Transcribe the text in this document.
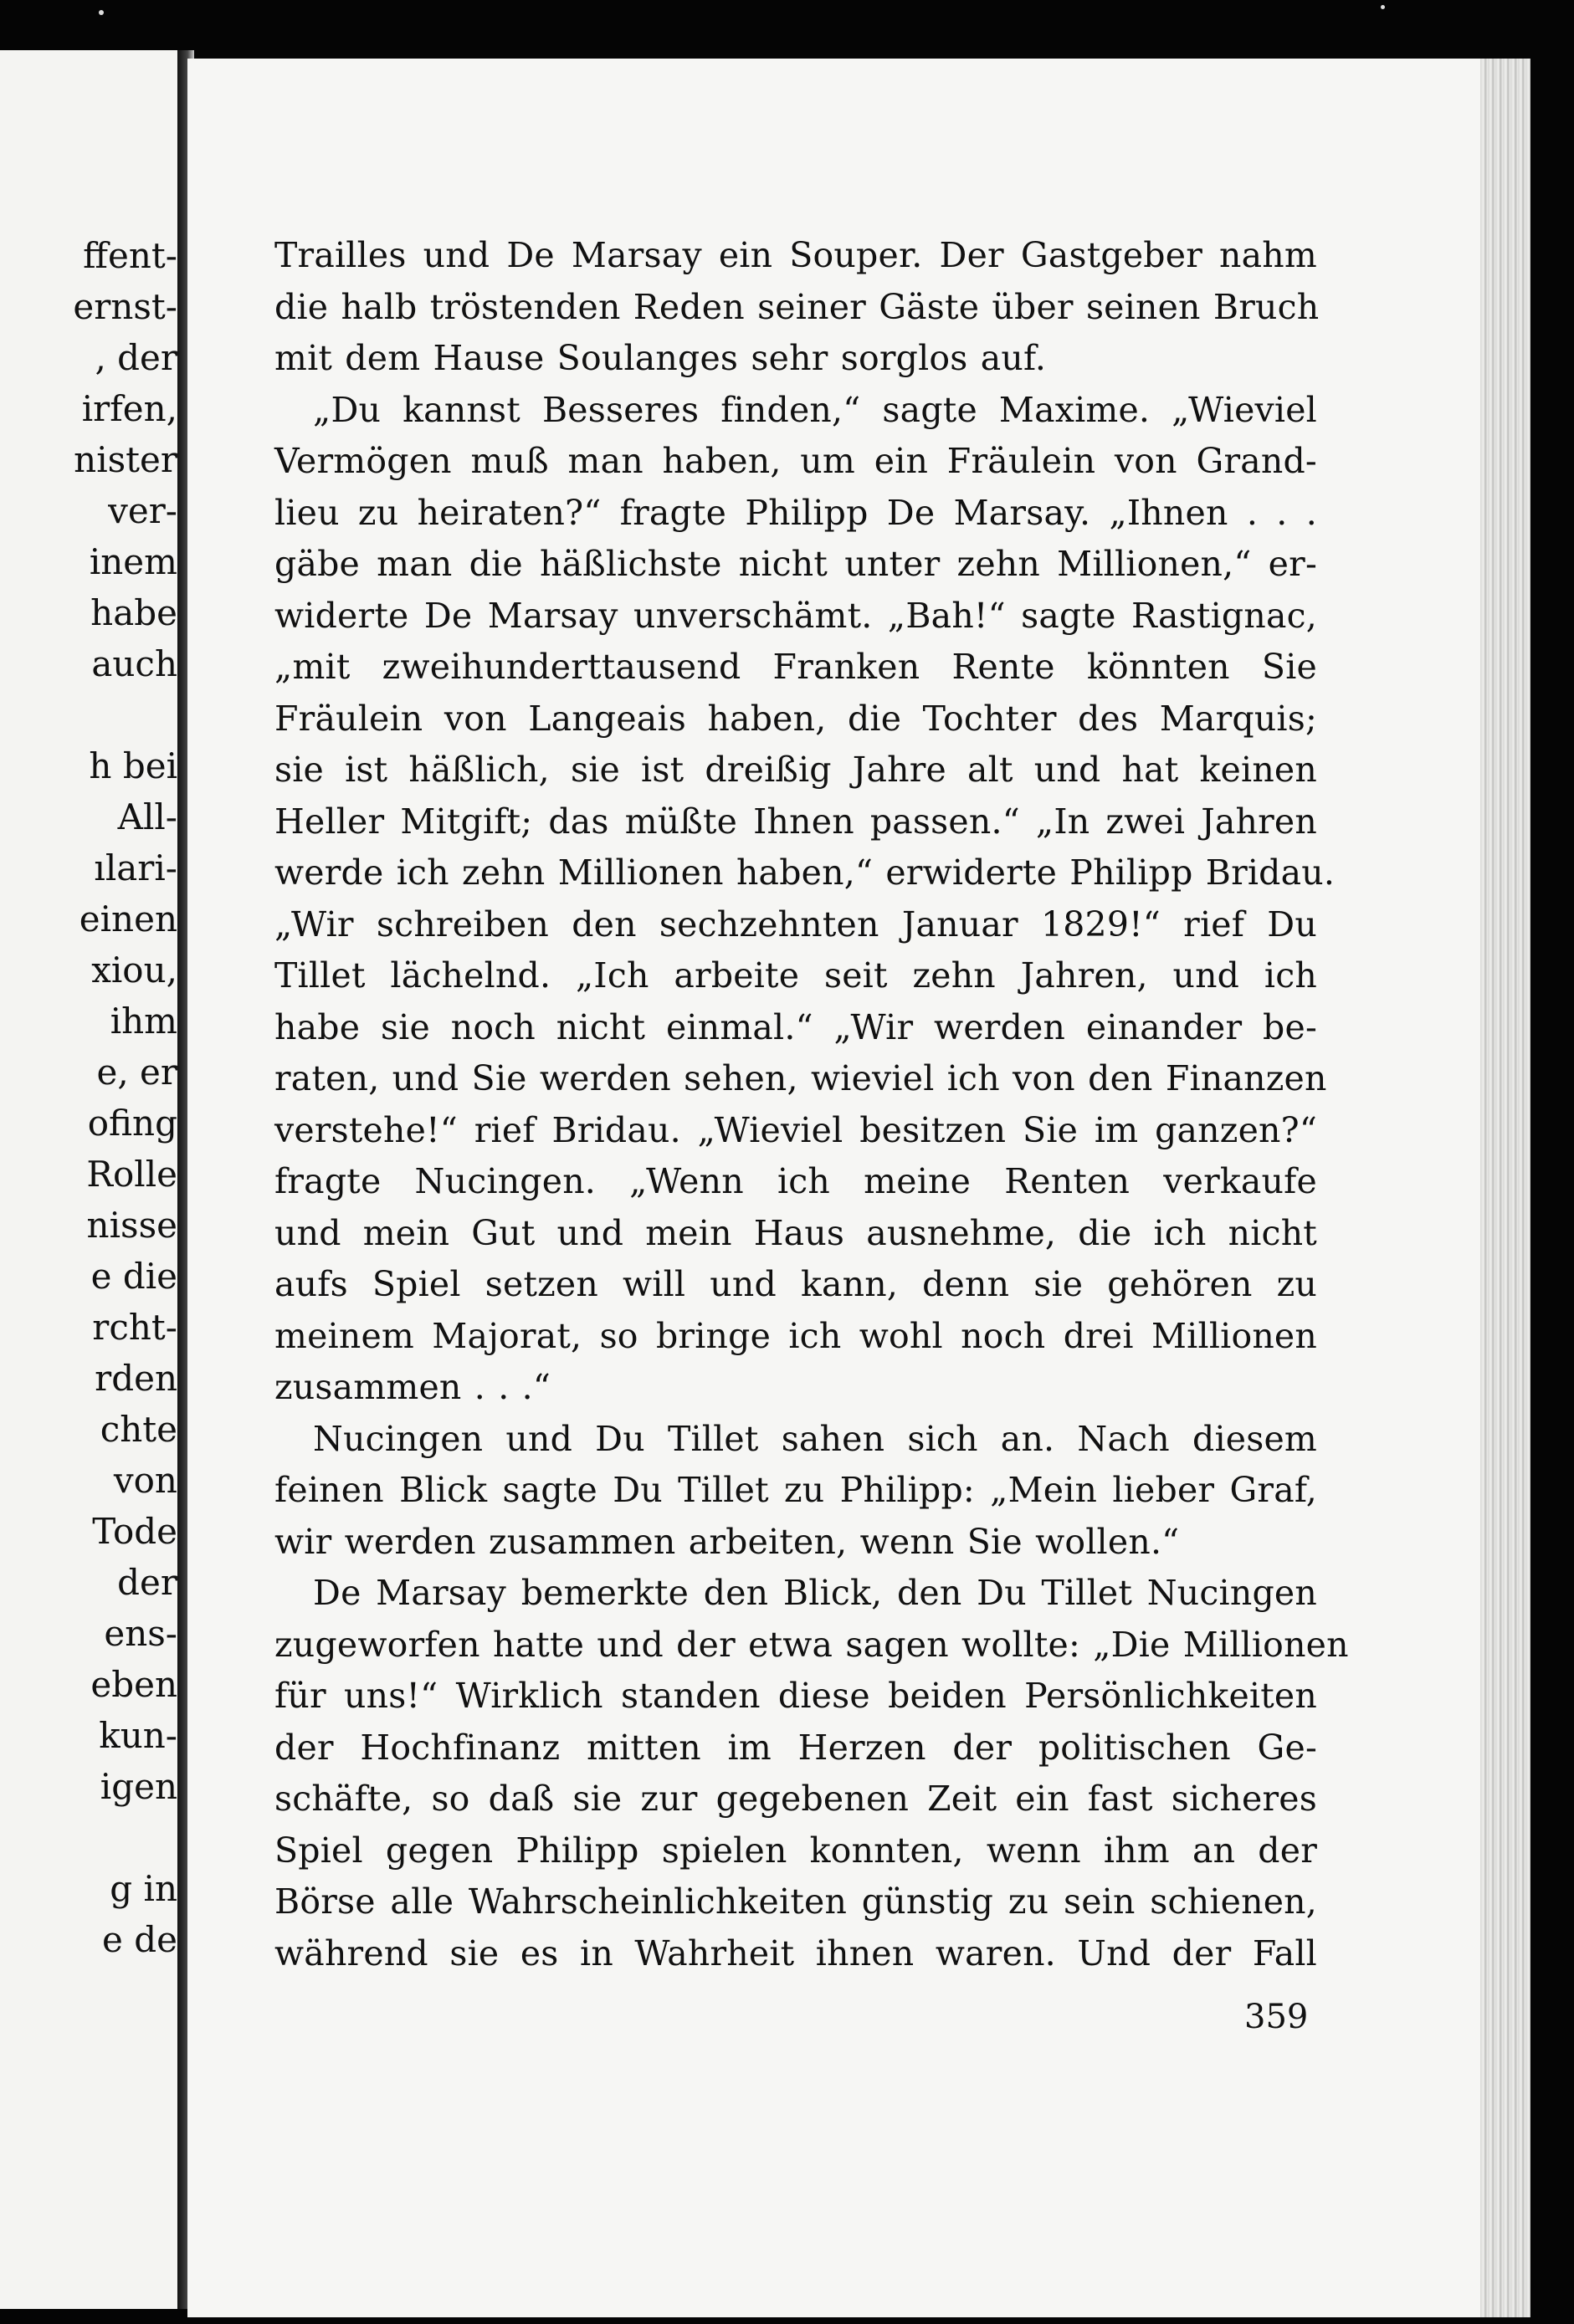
ffent-
ernst-
, der
irfen,
nister
ver-
inem
habe
auch
h bei
All-
ılari-
einen
xiou,
ihm
e, er
ofing
Rolle
nisse
e die
rcht-
rden
chte
von
Tode
der
ens-
eben
kun-
igen
g in
e de
Trailles und De Marsay ein Souper. Der Gastgeber nahm
die halb tröstenden Reden seiner Gäste über seinen Bruch
mit dem Hause Soulanges sehr sorglos auf.
„Du kannst Besseres finden,“ sagte Maxime. „Wieviel
Vermögen muß man haben, um ein Fräulein von Grand-
lieu zu heiraten?“ fragte Philipp De Marsay. „Ihnen . . .
gäbe man die häßlichste nicht unter zehn Millionen,“ er-
widerte De Marsay unverschämt. „Bah!“ sagte Rastignac,
„mit zweihunderttausend Franken Rente könnten Sie
Fräulein von Langeais haben, die Tochter des Marquis;
sie ist häßlich, sie ist dreißig Jahre alt und hat keinen
Heller Mitgift; das müßte Ihnen passen.“ „In zwei Jahren
werde ich zehn Millionen haben,“ erwiderte Philipp Bridau.
„Wir schreiben den sechzehnten Januar 1829!“ rief Du
Tillet lächelnd. „Ich arbeite seit zehn Jahren, und ich
habe sie noch nicht einmal.“ „Wir werden einander be-
raten, und Sie werden sehen, wieviel ich von den Finanzen
verstehe!“ rief Bridau. „Wieviel besitzen Sie im ganzen?“
fragte Nucingen. „Wenn ich meine Renten verkaufe
und mein Gut und mein Haus ausnehme, die ich nicht
aufs Spiel setzen will und kann, denn sie gehören zu
meinem Majorat, so bringe ich wohl noch drei Millionen
zusammen . . .“
Nucingen und Du Tillet sahen sich an. Nach diesem
feinen Blick sagte Du Tillet zu Philipp: „Mein lieber Graf,
wir werden zusammen arbeiten, wenn Sie wollen.“
De Marsay bemerkte den Blick, den Du Tillet Nucingen
zugeworfen hatte und der etwa sagen wollte: „Die Millionen
für uns!“ Wirklich standen diese beiden Persönlichkeiten
der Hochfinanz mitten im Herzen der politischen Ge-
schäfte, so daß sie zur gegebenen Zeit ein fast sicheres
Spiel gegen Philipp spielen konnten, wenn ihm an der
Börse alle Wahrscheinlichkeiten günstig zu sein schienen,
während sie es in Wahrheit ihnen waren. Und der Fall
359
